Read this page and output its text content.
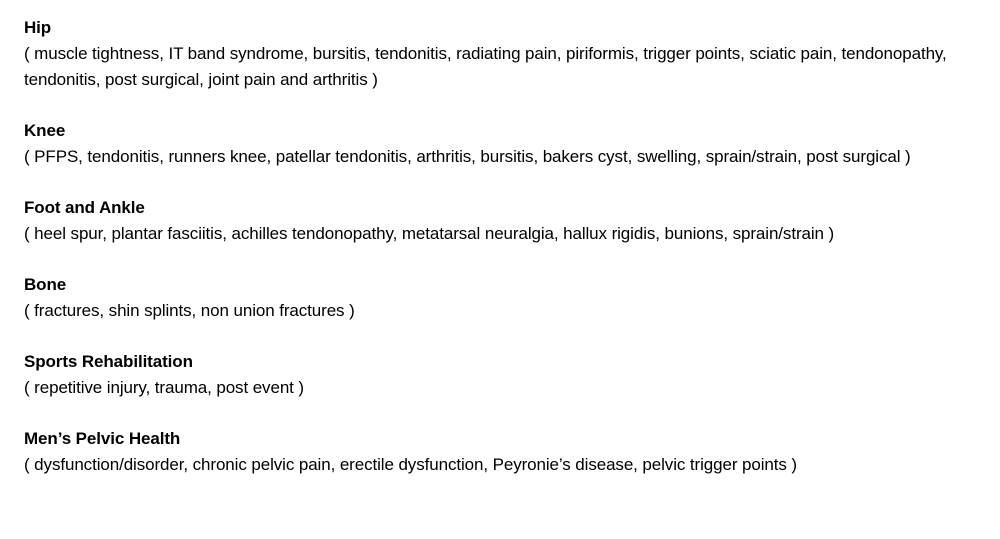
Hip
( muscle tightness, IT band syndrome, bursitis, tendonitis, radiating pain, piriformis, trigger points, sciatic pain, tendonopathy, tendonitis, post surgical, joint pain and arthritis )
Knee
( PFPS, tendonitis, runners knee, patellar tendonitis, arthritis, bursitis, bakers cyst, swelling, sprain/strain, post surgical )
Foot and Ankle
( heel spur, plantar fasciitis, achilles tendonopathy, metatarsal neuralgia, hallux rigidis, bunions, sprain/strain )
Bone
( fractures, shin splints, non union fractures )
Sports Rehabilitation
( repetitive injury, trauma, post event )
Men’s Pelvic Health
( dysfunction/disorder, chronic pelvic pain, erectile dysfunction, Peyronie’s disease, pelvic trigger points )
